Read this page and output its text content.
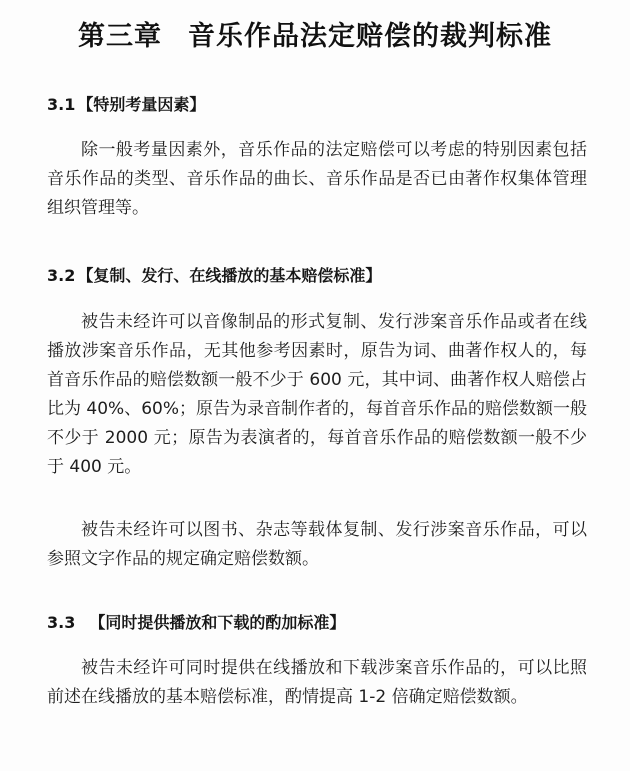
第三章 音乐作品法定赔偿的裁判标准
3.1 【特别考量因素】

除一般考量因素外，音乐作品的法定赔偿可以考虑的特别因素包括音乐作品的类型、音乐作品的曲长、音乐作品是否已由著作权集体管理组织管理等。

3.2 【复制、发行、在线播放的基本赔偿标准】

被告未经许可以音像制品的形式复制、发行涉案音乐作品或者在线播放涉案音乐作品，无其他参考因素时，原告为词、曲著作权人的，每首音乐作品的赔偿数额一般不少于 600 元，其中词、曲著作权人赔偿占比为 40%、60%；原告为录音制作者的，每首音乐作品的赔偿数额一般不少于 2000 元；原告为表演者的，每首音乐作品的赔偿数额一般不少于 400 元。

被告未经许可以图书、杂志等载体复制、发行涉案音乐作品，可以参照文字作品的规定确定赔偿数额。

3.3 【同时提供播放和下载的酌加标准】

被告未经许可同时提供在线播放和下载涉案音乐作品的，可以比照前述在线播放的基本赔偿标准，酌情提高 1-2 倍确定赔偿数额。
